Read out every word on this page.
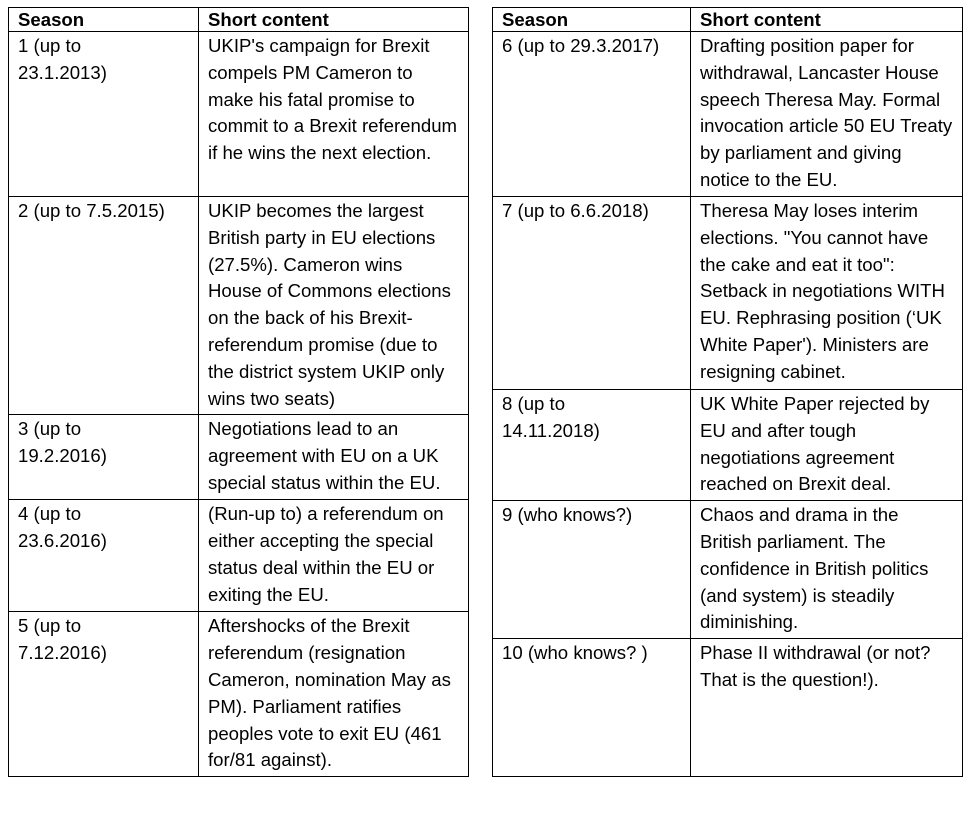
Season	Short content
1 (up to
23.1.2013)	UKIP's campaign for Brexit compels PM Cameron to make his fatal promise to commit to a Brexit referendum if he wins the next election.
2 (up to 7.5.2015)	UKIP becomes the largest British party in EU elections (27.5%). Cameron wins House of Commons elections on the back of his Brexit-referendum promise (due to the district system UKIP only wins two seats)
3 (up to
19.2.2016)	Negotiations lead to an agreement with EU on a UK special status within the EU.
4 (up to
23.6.2016)	(Run-up to) a referendum on either accepting the special status deal within the EU or exiting the EU.
5 (up to
7.12.2016)	Aftershocks of the Brexit referendum (resignation Cameron, nomination May as PM). Parliament ratifies peoples vote to exit EU (461 for/81 against).
Season	Short content
6 (up to 29.3.2017)	Drafting position paper for withdrawal, Lancaster House speech Theresa May. Formal invocation article 50 EU Treaty by parliament and giving notice to the EU.
7 (up to 6.6.2018)	Theresa May loses interim elections. "You cannot have the cake and eat it too": Setback in negotiations WITH EU. Rephrasing position (‘UK White Paper'). Ministers are resigning cabinet.
8 (up to
14.11.2018)	UK White Paper rejected by EU and after tough negotiations agreement reached on Brexit deal.
9 (who knows?)	Chaos and drama in the British parliament. The confidence in British politics (and system) is steadily diminishing.
10 (who knows? )	Phase II withdrawal (or not? That is the question!).
